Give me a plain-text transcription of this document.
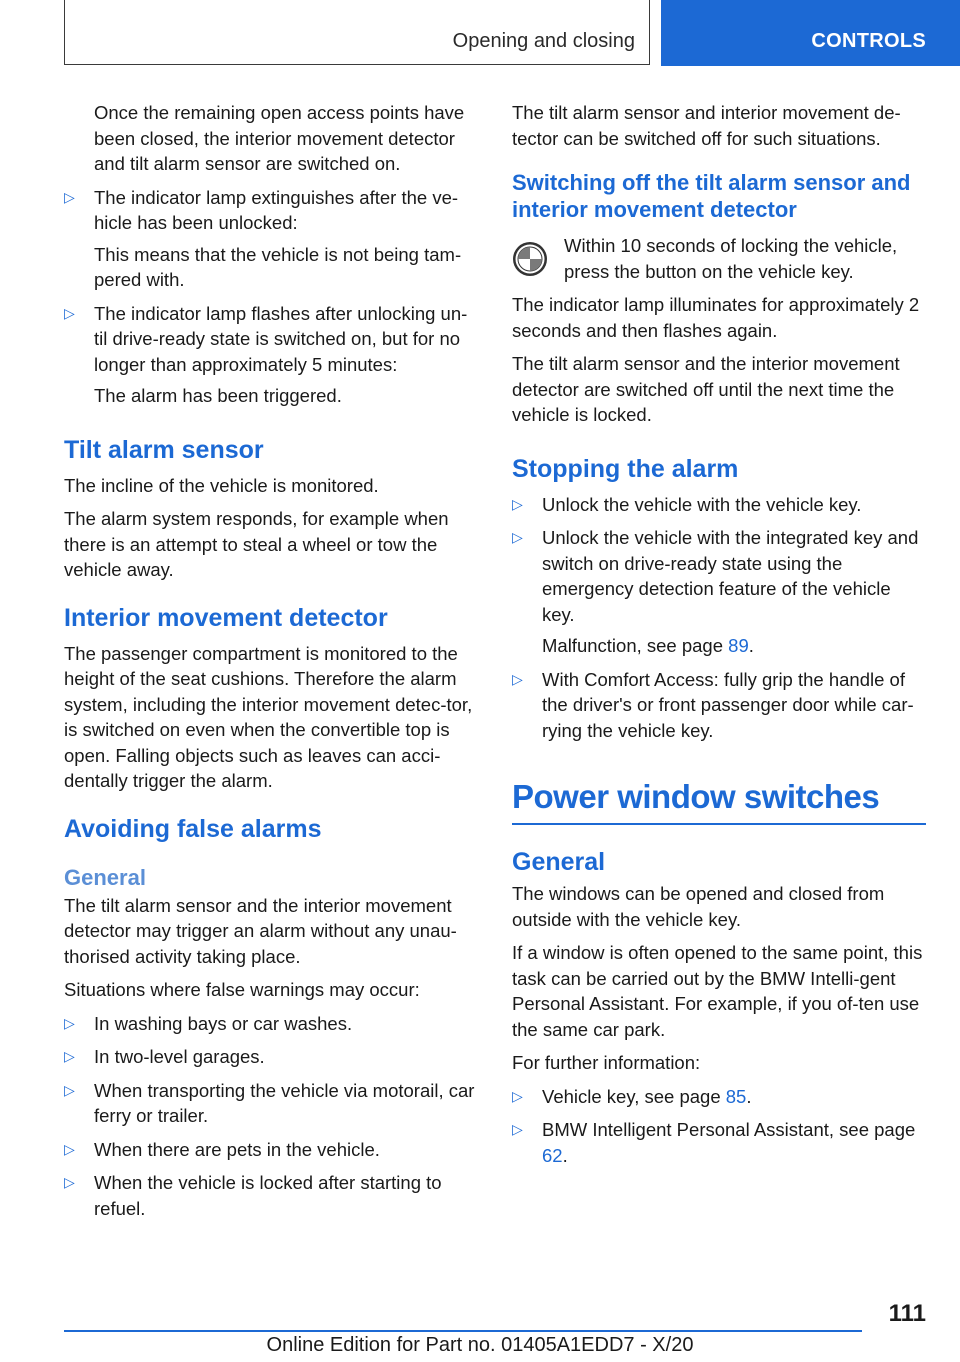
Opening and closing	CONTROLS

Once the remaining open access points have been closed, the interior movement detector and tilt alarm sensor are switched on.

▷ The indicator lamp extinguishes after the ve‐hicle has been unlocked:

This means that the vehicle is not being tam‐pered with.

▷ The indicator lamp flashes after unlocking un‐til drive-ready state is switched on, but for no longer than approximately 5 minutes:

The alarm has been triggered.

Tilt alarm sensor

The incline of the vehicle is monitored.

The alarm system responds, for example when there is an attempt to steal a wheel or tow the vehicle away.

Interior movement detector

The passenger compartment is monitored to the height of the seat cushions. Therefore the alarm system, including the interior movement detec‐tor, is switched on even when the convertible top is open. Falling objects such as leaves can acci‐dentally trigger the alarm.

Avoiding false alarms
General

The tilt alarm sensor and the interior movement detector may trigger an alarm without any unau‐thorised activity taking place.

Situations where false warnings may occur:

▷ In washing bays or car washes.
▷ In two-level garages.
▷ When transporting the vehicle via motorail, car ferry or trailer.
▷ When there are pets in the vehicle.
▷ When the vehicle is locked after starting to refuel.

The tilt alarm sensor and interior movement de‐tector can be switched off for such situations.

Switching off the tilt alarm sensor and interior movement detector
Within 10 seconds of locking the vehicle, press the button on the vehicle key.

The indicator lamp illuminates for approximately 2 seconds and then flashes again.

The tilt alarm sensor and the interior movement detector are switched off until the next time the vehicle is locked.

Stopping the alarm
▷ Unlock the vehicle with the vehicle key.
▷ Unlock the vehicle with the integrated key and switch on drive-ready state using the emergency detection feature of the vehicle key.

Malfunction, see page 89.

▷ With Comfort Access: fully grip the handle of the driver's or front passenger door while car‐rying the vehicle key.
Power window switches
General

The windows can be opened and closed from outside with the vehicle key.

If a window is often opened to the same point, this task can be carried out by the BMW Intelli‐gent Personal Assistant. For example, if you of‐ten use the same car park.

For further information:

▷ Vehicle key, see page 85.
▷ BMW Intelligent Personal Assistant, see page 62.
111
Online Edition for Part no. 01405A1EDD7 - X/20
